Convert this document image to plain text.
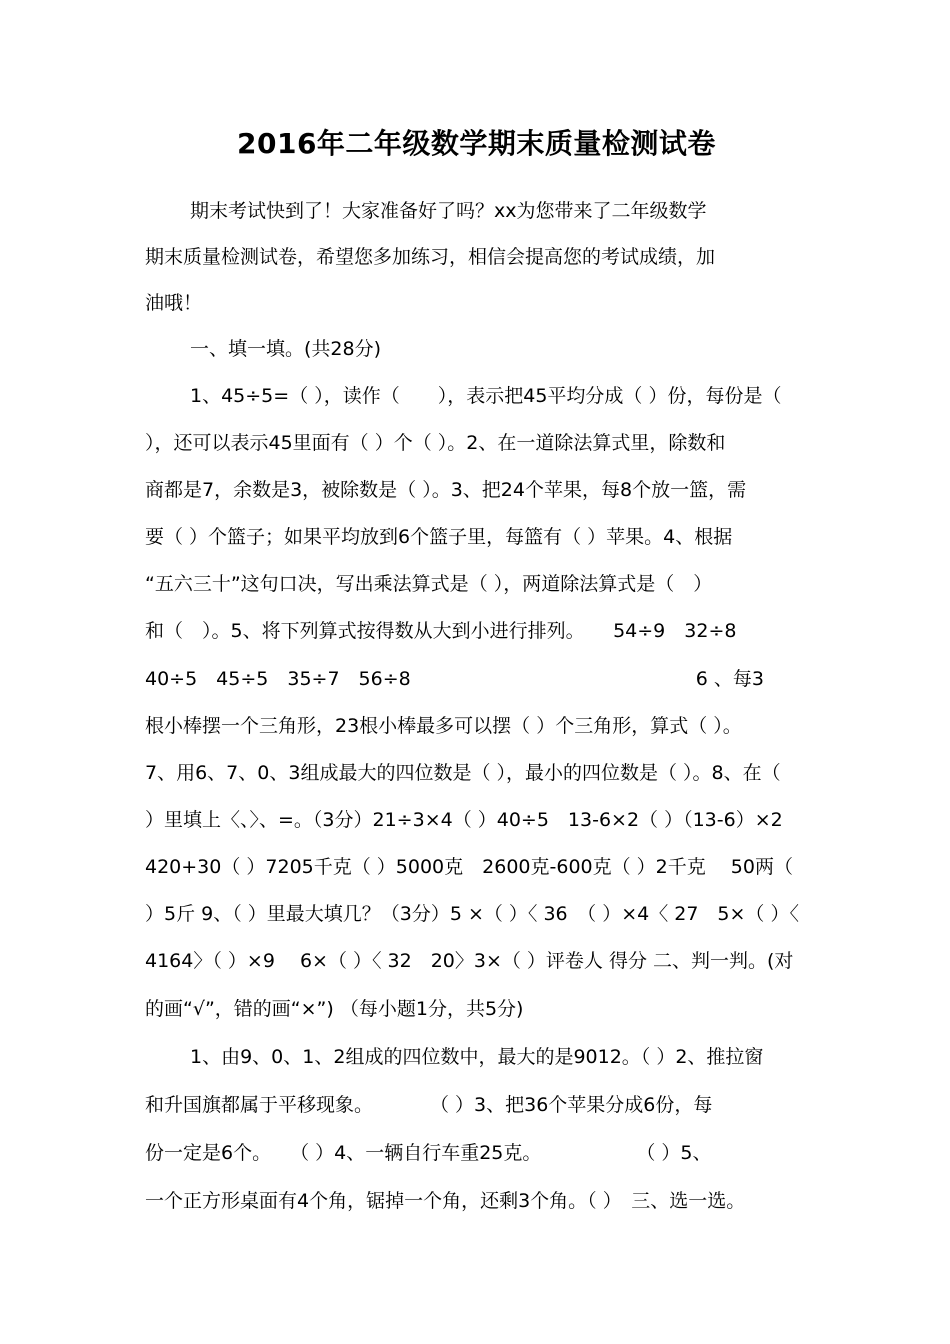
2016年二年级数学期末质量检测试卷
期末考试快到了！大家准备好了吗？xx为您带来了二年级数学
期末质量检测试卷，希望您多加练习，相信会提高您的考试成绩，加
油哦！
一、填一填。(共28分)
1、45÷5=（ ），读作（　　），表示把45平均分成（ ）份，每份是（
），还可以表示45里面有（ ）个（ ）。2、在一道除法算式里，除数和
商都是7，余数是3，被除数是（ ）。3、把24个苹果，每8个放一篮，需
要（ ）个篮子；如果平均放到6个篮子里，每篮有（ ）苹果。4、根据
“五六三十”这句口决，写出乘法算式是（ ），两道除法算式是（　）
和（　）。5、将下列算式按得数从大到小进行排列。　　54÷9　32÷8
40÷5　45÷5　35÷7　56÷8　　　　　　　　　　　　　　　6 、每3
根小棒摆一个三角形，23根小棒最多可以摆（ ）个三角形，算式（ ）。
7、用6、7、0、3组成最大的四位数是（ ），最小的四位数是（ ）。8、在（
）里填上〈、〉、=。（3分）21÷3×4（ ）40÷5　13-6×2（ ）（13-6）×2
420+30（ ）7205千克（ ）5000克　2600克-600克（ ）2千克　 50两（
）5斤 9、（ ）里最大填几？（3分）5 ×（ ）〈 36　（ ）×4〈 27　5×（ ）〈
4164〉（ ）×9　 6×（ ）〈 32　20〉3×（ ）评卷人 得分 二、判一判。(对
的画“√”，错的画“×”) （每小题1分，共5分)
1、由9、0、1、2组成的四位数中，最大的是9012。（ ）2、推拉窗
和升国旗都属于平移现象。　　　　（ ）3、把36个苹果分成6份，每
份一定是6个。　　（ ）4、一辆自行车重25克。　　　　　　（ ）5、
一个正方形桌面有4个角，锯掉一个角，还剩3个角。（ ）　三、选一选。
